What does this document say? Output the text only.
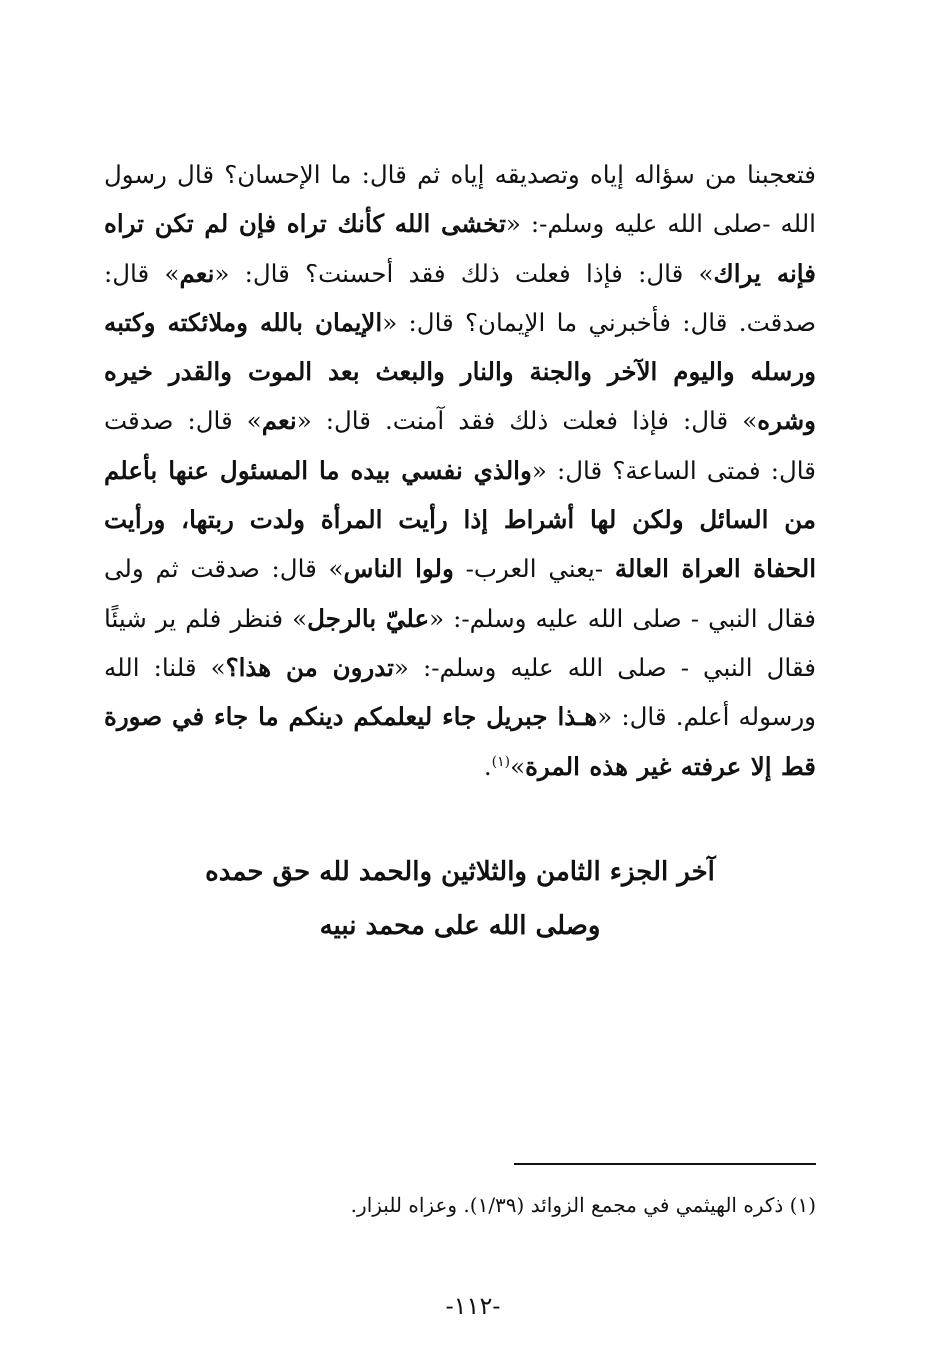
فتعجبنا من سؤاله إياه وتصديقه إياه ثم قال: ما الإحسان؟ قال رسول الله -صلى الله عليه وسلم-: «تخشى الله كأنك تراه فإن لم تكن تراه فإنه يراك» قال: فإذا فعلت ذلك فقد أحسنت؟ قال: «نعم» قال: صدقت. قال: فأخبرني ما الإيمان؟ قال: «الإيمان بالله وملائكته وكتبه ورسله واليوم الآخر والجنة والنار والبعث بعد الموت والقدر خيره وشره» قال: فإذا فعلت ذلك فقد آمنت. قال: «نعم» قال: صدقت قال: فمتى الساعة؟ قال: «والذي نفسي بيده ما المسئول عنها بأعلم من السائل ولكن لها أشراط إذا رأيت المرأة ولدت ربتها، ورأيت الحفاة العراة العالة -يعني العرب- ولوا الناس» قال: صدقت ثم ولى فقال النبي - صلى الله عليه وسلم-: «عليّ بالرجل» فنظر فلم ير شيئًا فقال النبي - صلى الله عليه وسلم-: «تدرون من هذا؟» قلنا: الله ورسوله أعلم. قال: «هـذا جبريل جاء ليعلمكم دينكم ما جاء في صورة قط إلا عرفته غير هذه المرة»$^{(١)}$.
آخر الجزء الثامن والثلاثين والحمد لله حق حمده
وصلى الله على محمد نبيه
(١) ذكره الهيثمي في مجمع الزوائد (١/٣٩). وعزاه للبزار.
-١١٢-
